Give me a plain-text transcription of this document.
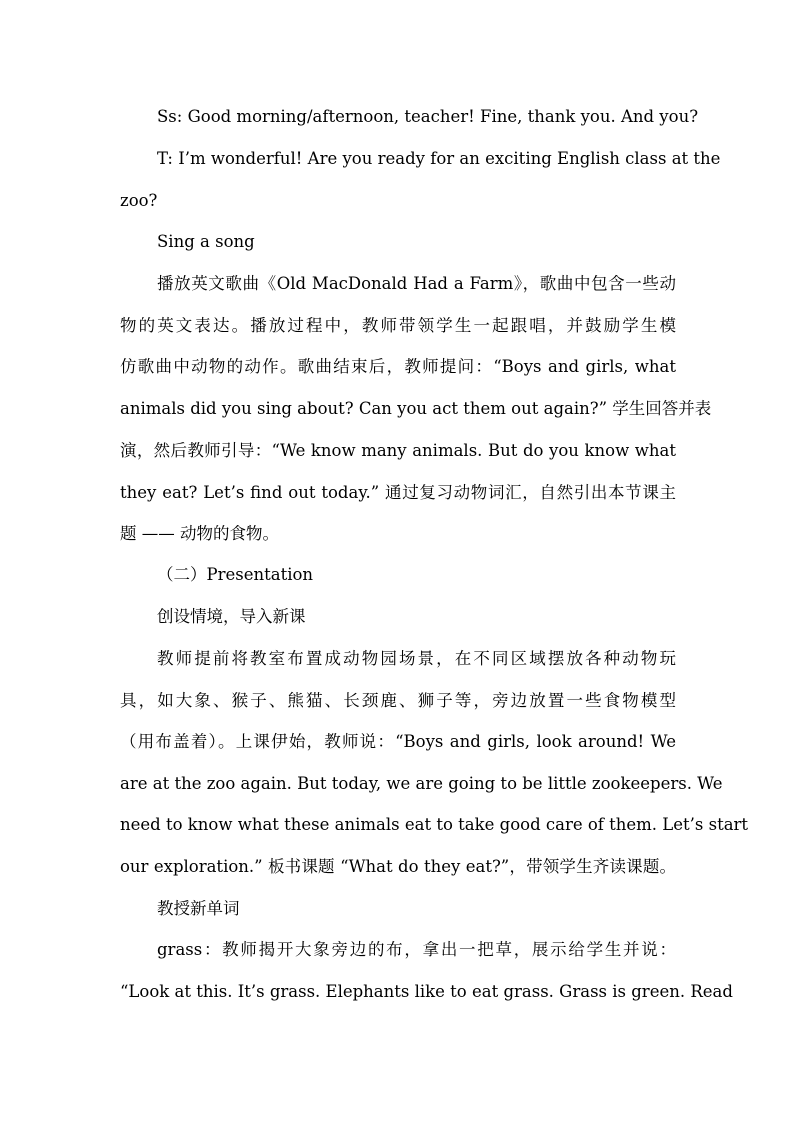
Ss: Good morning/afternoon, teacher! Fine, thank you. And you?
T: I’m wonderful! Are you ready for an exciting English class at the
zoo?
Sing a song
播放英文歌曲《Old MacDonald Had a Farm》，歌曲中包含一些动
物的英文表达。播放过程中，教师带领学生一起跟唱，并鼓励学生模
仿歌曲中动物的动作。歌曲结束后，教师提问：“Boys and girls, what
animals did you sing about? Can you act them out again?” 学生回答并表
演，然后教师引导：“We know many animals. But do you know what
they eat? Let’s find out today.” 通过复习动物词汇，自然引出本节课主
题 —— 动物的食物。
（二）Presentation
创设情境，导入新课
教师提前将教室布置成动物园场景，在不同区域摆放各种动物玩
具，如大象、猴子、熊猫、长颈鹿、狮子等，旁边放置一些食物模型
（用布盖着）。上课伊始，教师说：“Boys and girls, look around! We
are at the zoo again. But today, we are going to be little zookeepers. We
need to know what these animals eat to take good care of them. Let’s start
our exploration.” 板书课题 “What do they eat?”，带领学生齐读课题。
教授新单词
grass：教师揭开大象旁边的布，拿出一把草，展示给学生并说：
“Look at this. It’s grass. Elephants like to eat grass. Grass is green. Read
